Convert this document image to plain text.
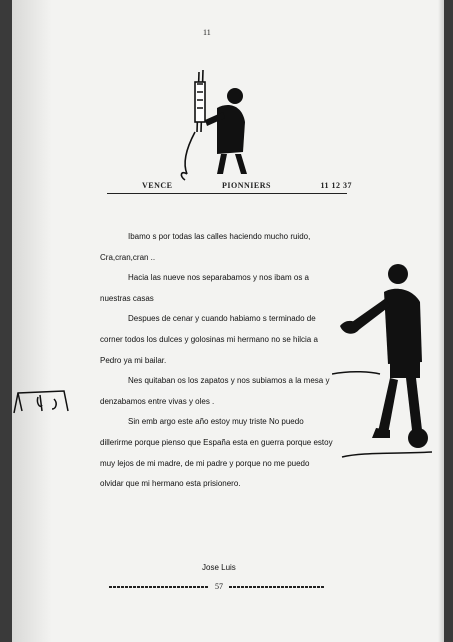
11
VENCE	PIONNIERS	11 12 37

Ibamo s por todas las calles haciendo mucho ruido, Cra,cran,cran ..

Hacia las nueve nos separabamos y nos ibam os a nuestras casas

Despues de cenar y cuando habiamo s terminado de corner todos los dulces y golosinas mi hermano no se hilcia a Pedro ya mi bailar.

Nes quitaban os los zapatos y nos subiamos a la mesa y denzabamos entre vivas y oles .

Sin emb argo este año estoy muy triste No puedo dillerirme porque pienso que España esta en guerra porque estoy muy lejos de mi madre, de mi padre y porque no me puedo olvidar que mi hermano esta prisionero.

Jose Luis
57
